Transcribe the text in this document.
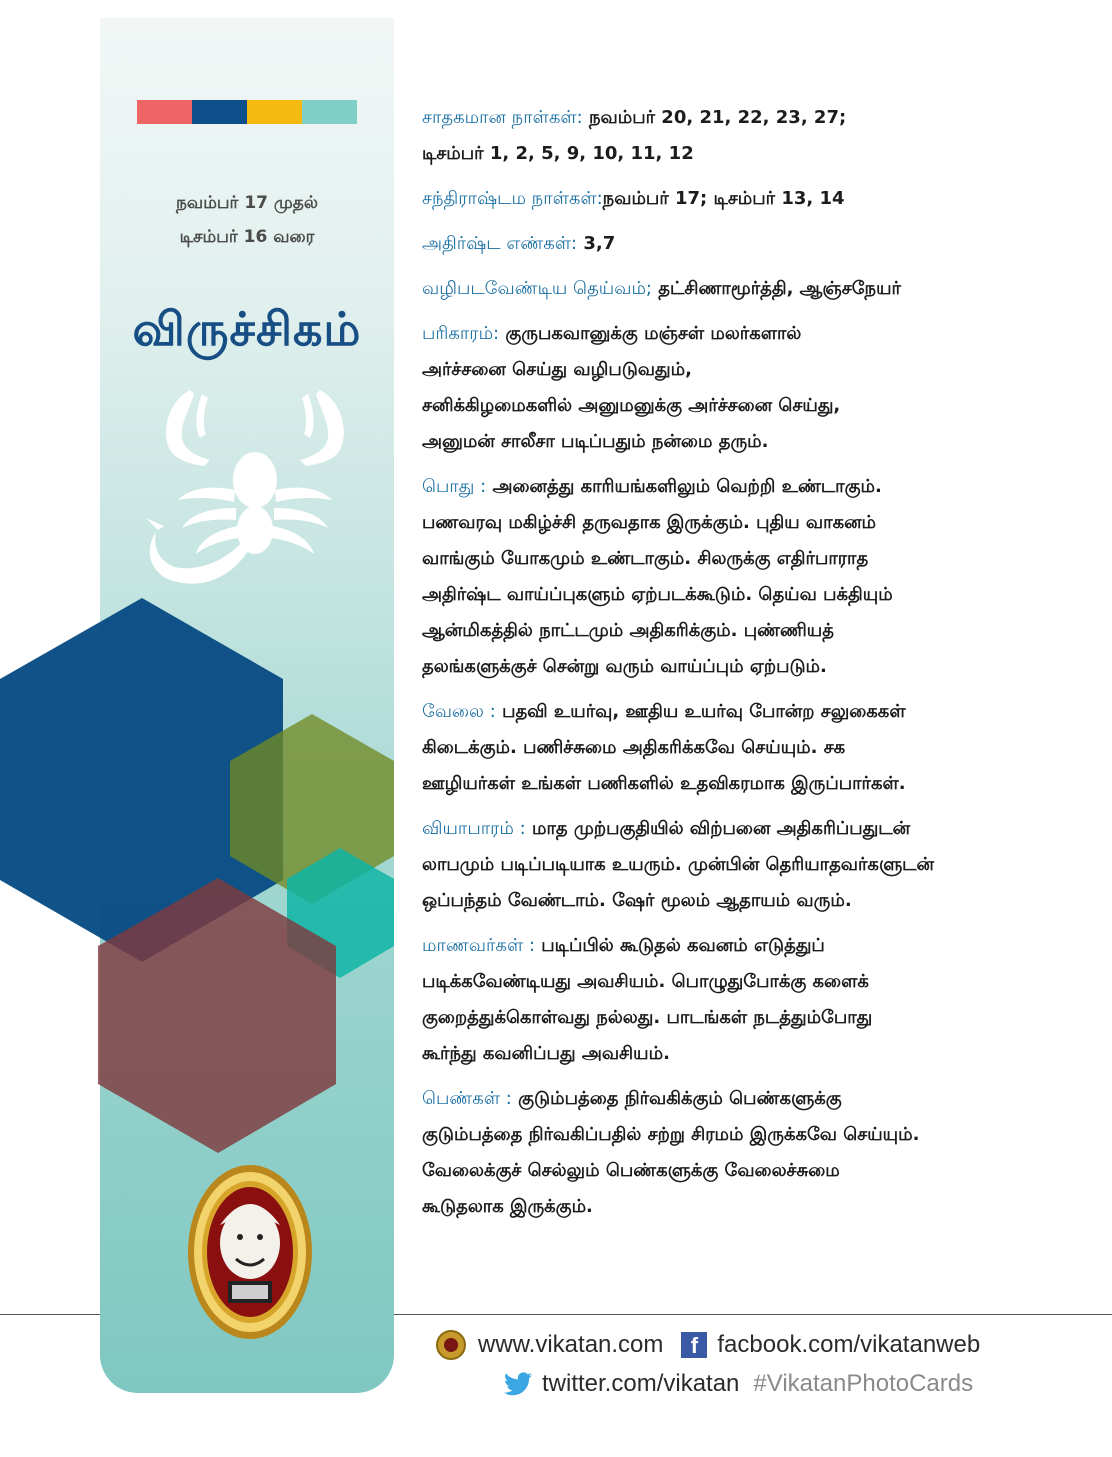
நவம்பர் 17 முதல்
டிசம்பர் 16 வரை
விருச்சிகம்
சாதகமான நாள்கள்: நவம்பர் 20, 21, 22, 23, 27;
டிசம்பர் 1, 2, 5, 9, 10, 11, 12
சந்திராஷ்டம நாள்கள்:நவம்பர் 17; டிசம்பர் 13, 14
அதிர்ஷ்ட எண்கள்: 3,7
வழிபடவேண்டிய தெய்வம்; தட்சிணாமூர்த்தி, ஆஞ்சநேயர்
பரிகாரம்: குருபகவானுக்கு மஞ்சள் மலர்களால்
அர்ச்சனை செய்து வழிபடுவதும்,
சனிக்கிழமைகளில் அனுமனுக்கு அர்ச்சனை செய்து,
அனுமன் சாலீசா படிப்பதும் நன்மை தரும்.
பொது : அனைத்து காரியங்களிலும் வெற்றி உண்டாகும்.
பணவரவு மகிழ்ச்சி தருவதாக இருக்கும். புதிய வாகனம்
வாங்கும் யோகமும் உண்டாகும். சிலருக்கு எதிர்பாராத
அதிர்ஷ்ட வாய்ப்புகளும் ஏற்படக்கூடும். தெய்வ பக்தியும்
ஆன்மிகத்தில் நாட்டமும் அதிகரிக்கும். புண்ணியத்
தலங்களுக்குச் சென்று வரும் வாய்ப்பும் ஏற்படும்.
வேலை : பதவி உயர்வு, ஊதிய உயர்வு போன்ற சலுகைகள்
கிடைக்கும். பணிச்சுமை அதிகரிக்கவே செய்யும். சக
ஊழியர்கள் உங்கள் பணிகளில் உதவிகரமாக இருப்பார்கள்.
வியாபாரம் : மாத முற்பகுதியில் விற்பனை அதிகரிப்பதுடன்
லாபமும் படிப்படியாக உயரும். முன்பின் தெரியாதவர்களுடன்
ஒப்பந்தம் வேண்டாம். ஷேர் மூலம் ஆதாயம் வரும்.
மாணவர்கள் : படிப்பில் கூடுதல் கவனம் எடுத்துப்
படிக்கவேண்டியது அவசியம். பொழுதுபோக்கு களைக்
குறைத்துக்கொள்வது நல்லது. பாடங்கள் நடத்தும்போது
கூர்ந்து கவனிப்பது அவசியம்.
பெண்கள் : குடும்பத்தை நிர்வகிக்கும் பெண்களுக்கு
குடும்பத்தை நிர்வகிப்பதில் சற்று சிரமம் இருக்கவே செய்யும்.
வேலைக்குச் செல்லும் பெண்களுக்கு வேலைச்சுமை
கூடுதலாக இருக்கும்.
www.vikatan.com	f facbook.com/vikatanweb
twitter.com/vikatan #VikatanPhotoCards
